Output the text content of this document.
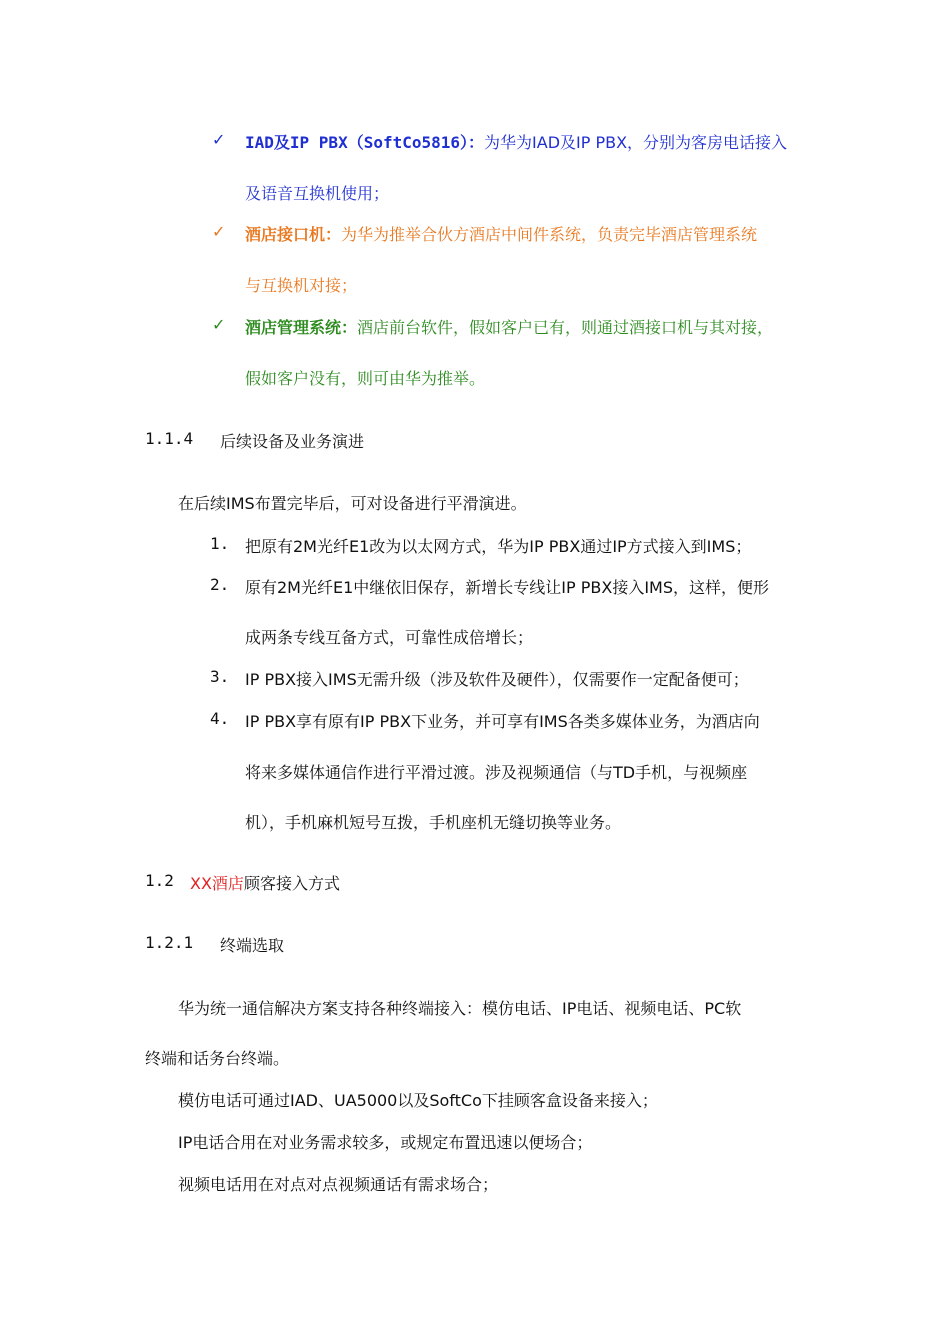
✓ IAD及IP PBX（SoftCo5816）：为华为IAD及IP PBX，分别为客房电话接入
及语音互换机使用；
✓ 酒店接口机：为华为推举合伙方酒店中间件系统，负责完毕酒店管理系统
与互换机对接；
✓ 酒店管理系统：酒店前台软件，假如客户已有，则通过酒接口机与其对接，
假如客户没有，则可由华为推举。
1.1.4 后续设备及业务演进
在后续IMS布置完毕后，可对设备进行平滑演进。
1. 把原有2M光纤E1改为以太网方式，华为IP PBX通过IP方式接入到IMS；
2. 原有2M光纤E1中继依旧保存，新增长专线让IP PBX接入IMS，这样，便形
成两条专线互备方式，可靠性成倍增长；
3. IP PBX接入IMS无需升级（涉及软件及硬件），仅需要作一定配备便可；
4. IP PBX享有原有IP PBX下业务，并可享有IMS各类多媒体业务，为酒店向
将来多媒体通信作进行平滑过渡。涉及视频通信（与TD手机，与视频座
机），手机麻机短号互拨，手机座机无缝切换等业务。
1.2 XX酒店顾客接入方式
1.2.1 终端选取
华为统一通信解决方案支持各种终端接入：模仿电话、IP电话、视频电话、PC软
终端和话务台终端。
模仿电话可通过IAD、UA5000以及SoftCo下挂顾客盒设备来接入；
IP电话合用在对业务需求较多，或规定布置迅速以便场合；
视频电话用在对点对点视频通话有需求场合；
